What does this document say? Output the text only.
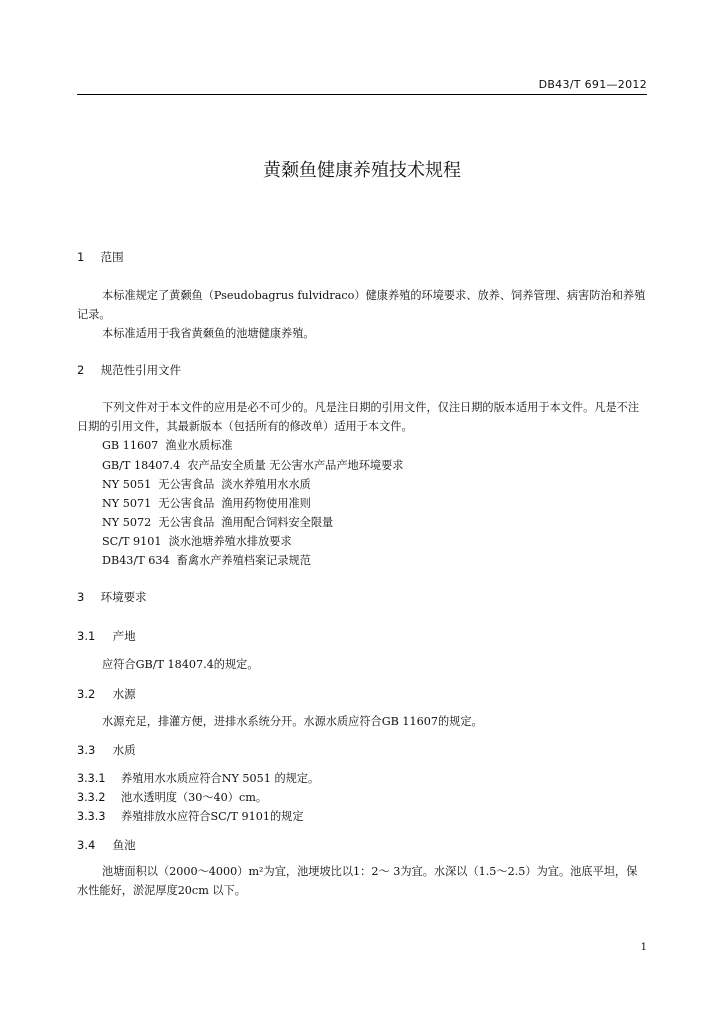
DB43/T 691—2012
黄颡鱼健康养殖技术规程
1 范围
本标准规定了黄颡鱼（Pseudobagrus fulvidraco）健康养殖的环境要求、放养、饲养管理、病害防治和养殖记录。
本标准适用于我省黄颡鱼的池塘健康养殖。
2 规范性引用文件
下列文件对于本文件的应用是必不可少的。凡是注日期的引用文件，仅注日期的版本适用于本文件。凡是不注日期的引用文件，其最新版本（包括所有的修改单）适用于本文件。
GB 11607  渔业水质标准
GB/T 18407.4  农产品安全质量 无公害水产品产地环境要求
NY 5051  无公害食品  淡水养殖用水水质
NY 5071  无公害食品  渔用药物使用准则
NY 5072  无公害食品  渔用配合饲料安全限量
SC/T 9101  淡水池塘养殖水排放要求
DB43/T 634  畜禽水产养殖档案记录规范
3 环境要求
3.1 产地
应符合GB/T 18407.4的规定。
3.2 水源
水源充足，排灌方便，进排水系统分开。水源水质应符合GB 11607的规定。
3.3 水质
3.3.1 养殖用水水质应符合NY 5051 的规定。
3.3.2 池水透明度（30～40）cm。
3.3.3 养殖排放水应符合SC/T 9101的规定
3.4 鱼池
池塘面积以（2000～4000）m²为宜，池埂坡比以1：2～ 3为宜。水深以（1.5～2.5）为宜。池底平坦，保水性能好，淤泥厚度20cm 以下。
1
